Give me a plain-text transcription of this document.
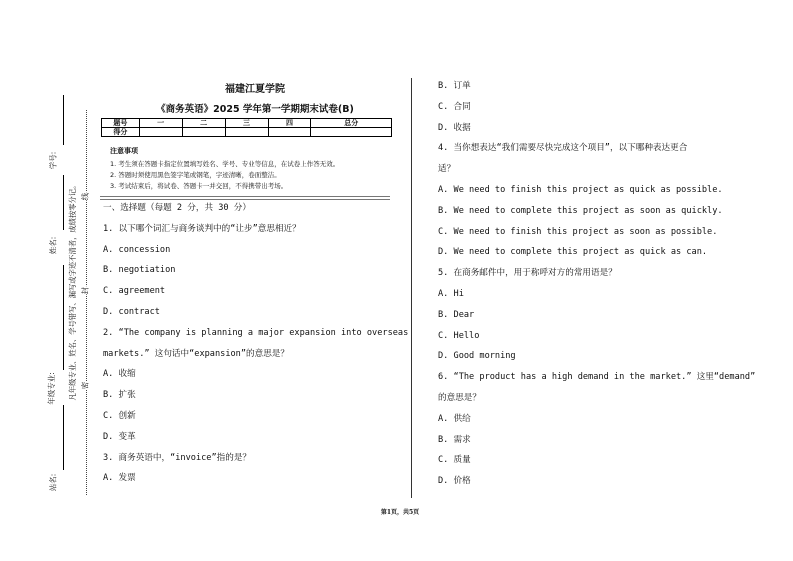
学号:
姓名:
年级专业:
站名:
凡年级专业、姓名、学号错写、漏写或字迹不清者，成绩按零分记。 密
封
线
福建江夏学院
《商务英语》2025 学年第一学期期末试卷(B)
题号	一	二	三	四	总分
得分					
注意事项
1. 考生须在答题卡指定位置填写姓名、学号、专业等信息，在试卷上作答无效。
2. 答题时须使用黑色签字笔或钢笔，字迹清晰，卷面整洁。
3. 考试结束后，将试卷、答题卡一并交回，不得携带出考场。
一、选择题（每题 2 分，共 30 分）
1. 以下哪个词汇与商务谈判中的“让步”意思相近？
A. concession
B. negotiation
C. agreement
D. contract
2. “The company is planning a major expansion into overseas
markets.” 这句话中“expansion”的意思是？
A. 收缩
B. 扩张
C. 创新
D. 变革
3. 商务英语中，“invoice”指的是？
A. 发票
B. 订单
C. 合同
D. 收据
4. 当你想表达“我们需要尽快完成这个项目”，以下哪种表达更合
适？
A. We need to finish this project as quick as possible.
B. We need to complete this project as soon as quickly.
C. We need to finish this project as soon as possible.
D. We need to complete this project as quick as can.
5. 在商务邮件中，用于称呼对方的常用语是？
A. Hi
B. Dear
C. Hello
D. Good morning
6. “The product has a high demand in the market.” 这里“demand”
的意思是？
A. 供给
B. 需求
C. 质量
D. 价格
第1页，共5页
